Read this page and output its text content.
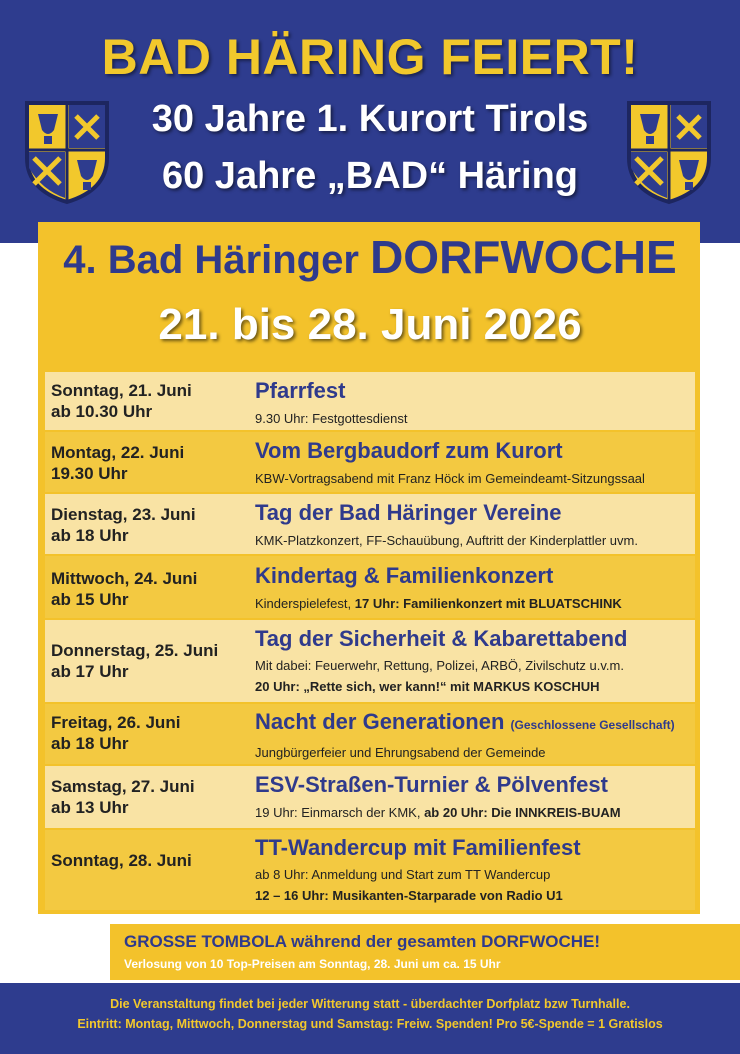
BAD HÄRING FEIERT!
30 Jahre 1. Kurort Tirols
60 Jahre „BAD“ Häring
4. Bad Häringer DORFWOCHE
21. bis 28. Juni 2026
Sonntag, 21. Juni
ab 10.30 Uhr
Pfarrfest
9.30 Uhr: Festgottesdienst
Montag, 22. Juni
19.30 Uhr
Vom Bergbaudorf zum Kurort
KBW-Vortragsabend mit Franz Höck im Gemeindeamt-Sitzungssaal
Dienstag, 23. Juni
ab 18 Uhr
Tag der Bad Häringer Vereine
KMK-Platzkonzert, FF-Schauübung, Auftritt der Kinderplattler uvm.
Mittwoch, 24. Juni
ab 15 Uhr
Kindertag & Familienkonzert
Kinderspielefest, 17 Uhr: Familienkonzert mit BLUATSCHINK
Donnerstag, 25. Juni
ab 17 Uhr
Tag der Sicherheit & Kabarettabend
Mit dabei: Feuerwehr, Rettung, Polizei, ARBÖ, Zivilschutz u.v.m.
20 Uhr: „Rette sich, wer kann!“ mit MARKUS KOSCHUH
Freitag, 26. Juni
ab 18 Uhr
Nacht der Generationen (Geschlossene Gesellschaft)
Jungbürgerfeier und Ehrungsabend der Gemeinde
Samstag, 27. Juni
ab 13 Uhr
ESV-Straßen-Turnier & Pölvenfest
19 Uhr: Einmarsch der KMK, ab 20 Uhr: Die INNKREIS-BUAM
Sonntag, 28. Juni
TT-Wandercup mit Familienfest
ab 8 Uhr: Anmeldung und Start zum TT Wandercup
12 – 16 Uhr: Musikanten-Starparade von Radio U1
GROSSE TOMBOLA während der gesamten DORFWOCHE!
Verlosung von 10 Top-Preisen am Sonntag, 28. Juni um ca. 15 Uhr
Die Veranstaltung findet bei jeder Witterung statt - überdachter Dorfplatz bzw Turnhalle.
Eintritt: Montag, Mittwoch, Donnerstag und Samstag: Freiw. Spenden! Pro 5€-Spende = 1 Gratislos
